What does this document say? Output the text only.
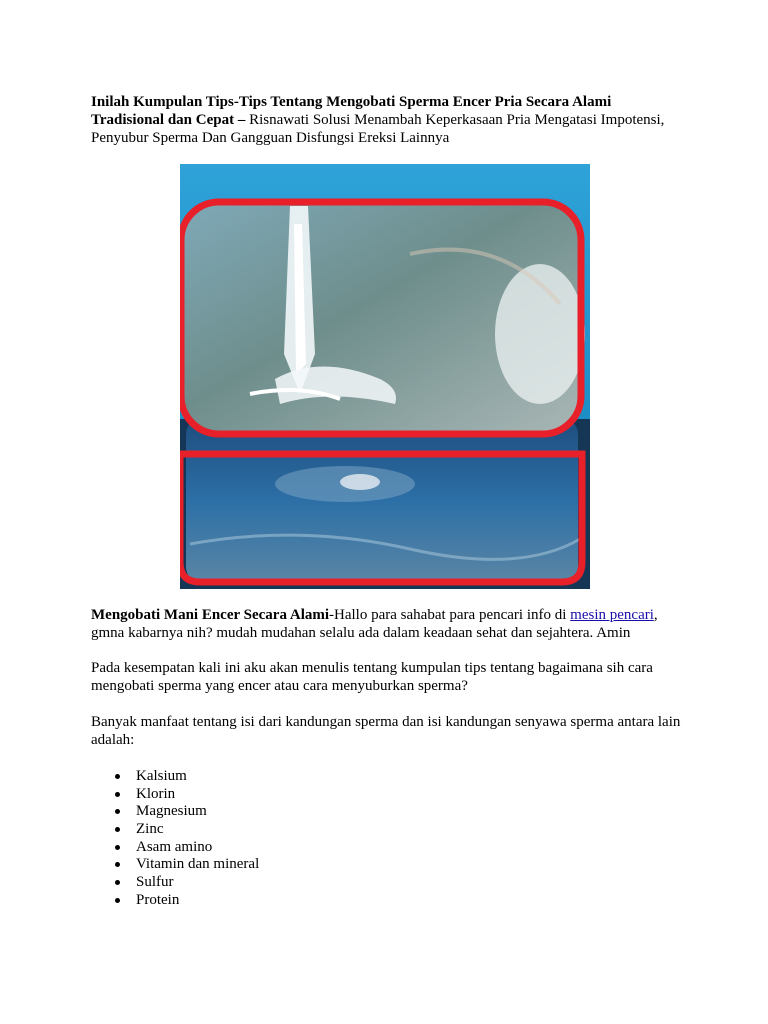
Inilah Kumpulan Tips-Tips Tentang Mengobati Sperma Encer Pria Secara Alami Tradisional dan Cepat – Risnawati Solusi Menambah Keperkasaan Pria Mengatasi Impotensi, Penyubur Sperma Dan Gangguan Disfungsi Ereksi Lainnya
Mengobati Mani Encer Secara Alami-Hallo para sahabat para pencari info di mesin pencari, gmna kabarnya nih? mudah mudahan selalu ada dalam keadaan sehat dan sejahtera. Amin
Pada kesempatan kali ini aku akan menulis tentang kumpulan tips tentang bagaimana sih cara mengobati sperma yang encer atau cara menyuburkan sperma?
Banyak manfaat tentang isi dari kandungan sperma dan isi kandungan senyawa sperma antara lain adalah:
Kalsium
Klorin
Magnesium
Zinc
Asam amino
Vitamin dan mineral
Sulfur
Protein
